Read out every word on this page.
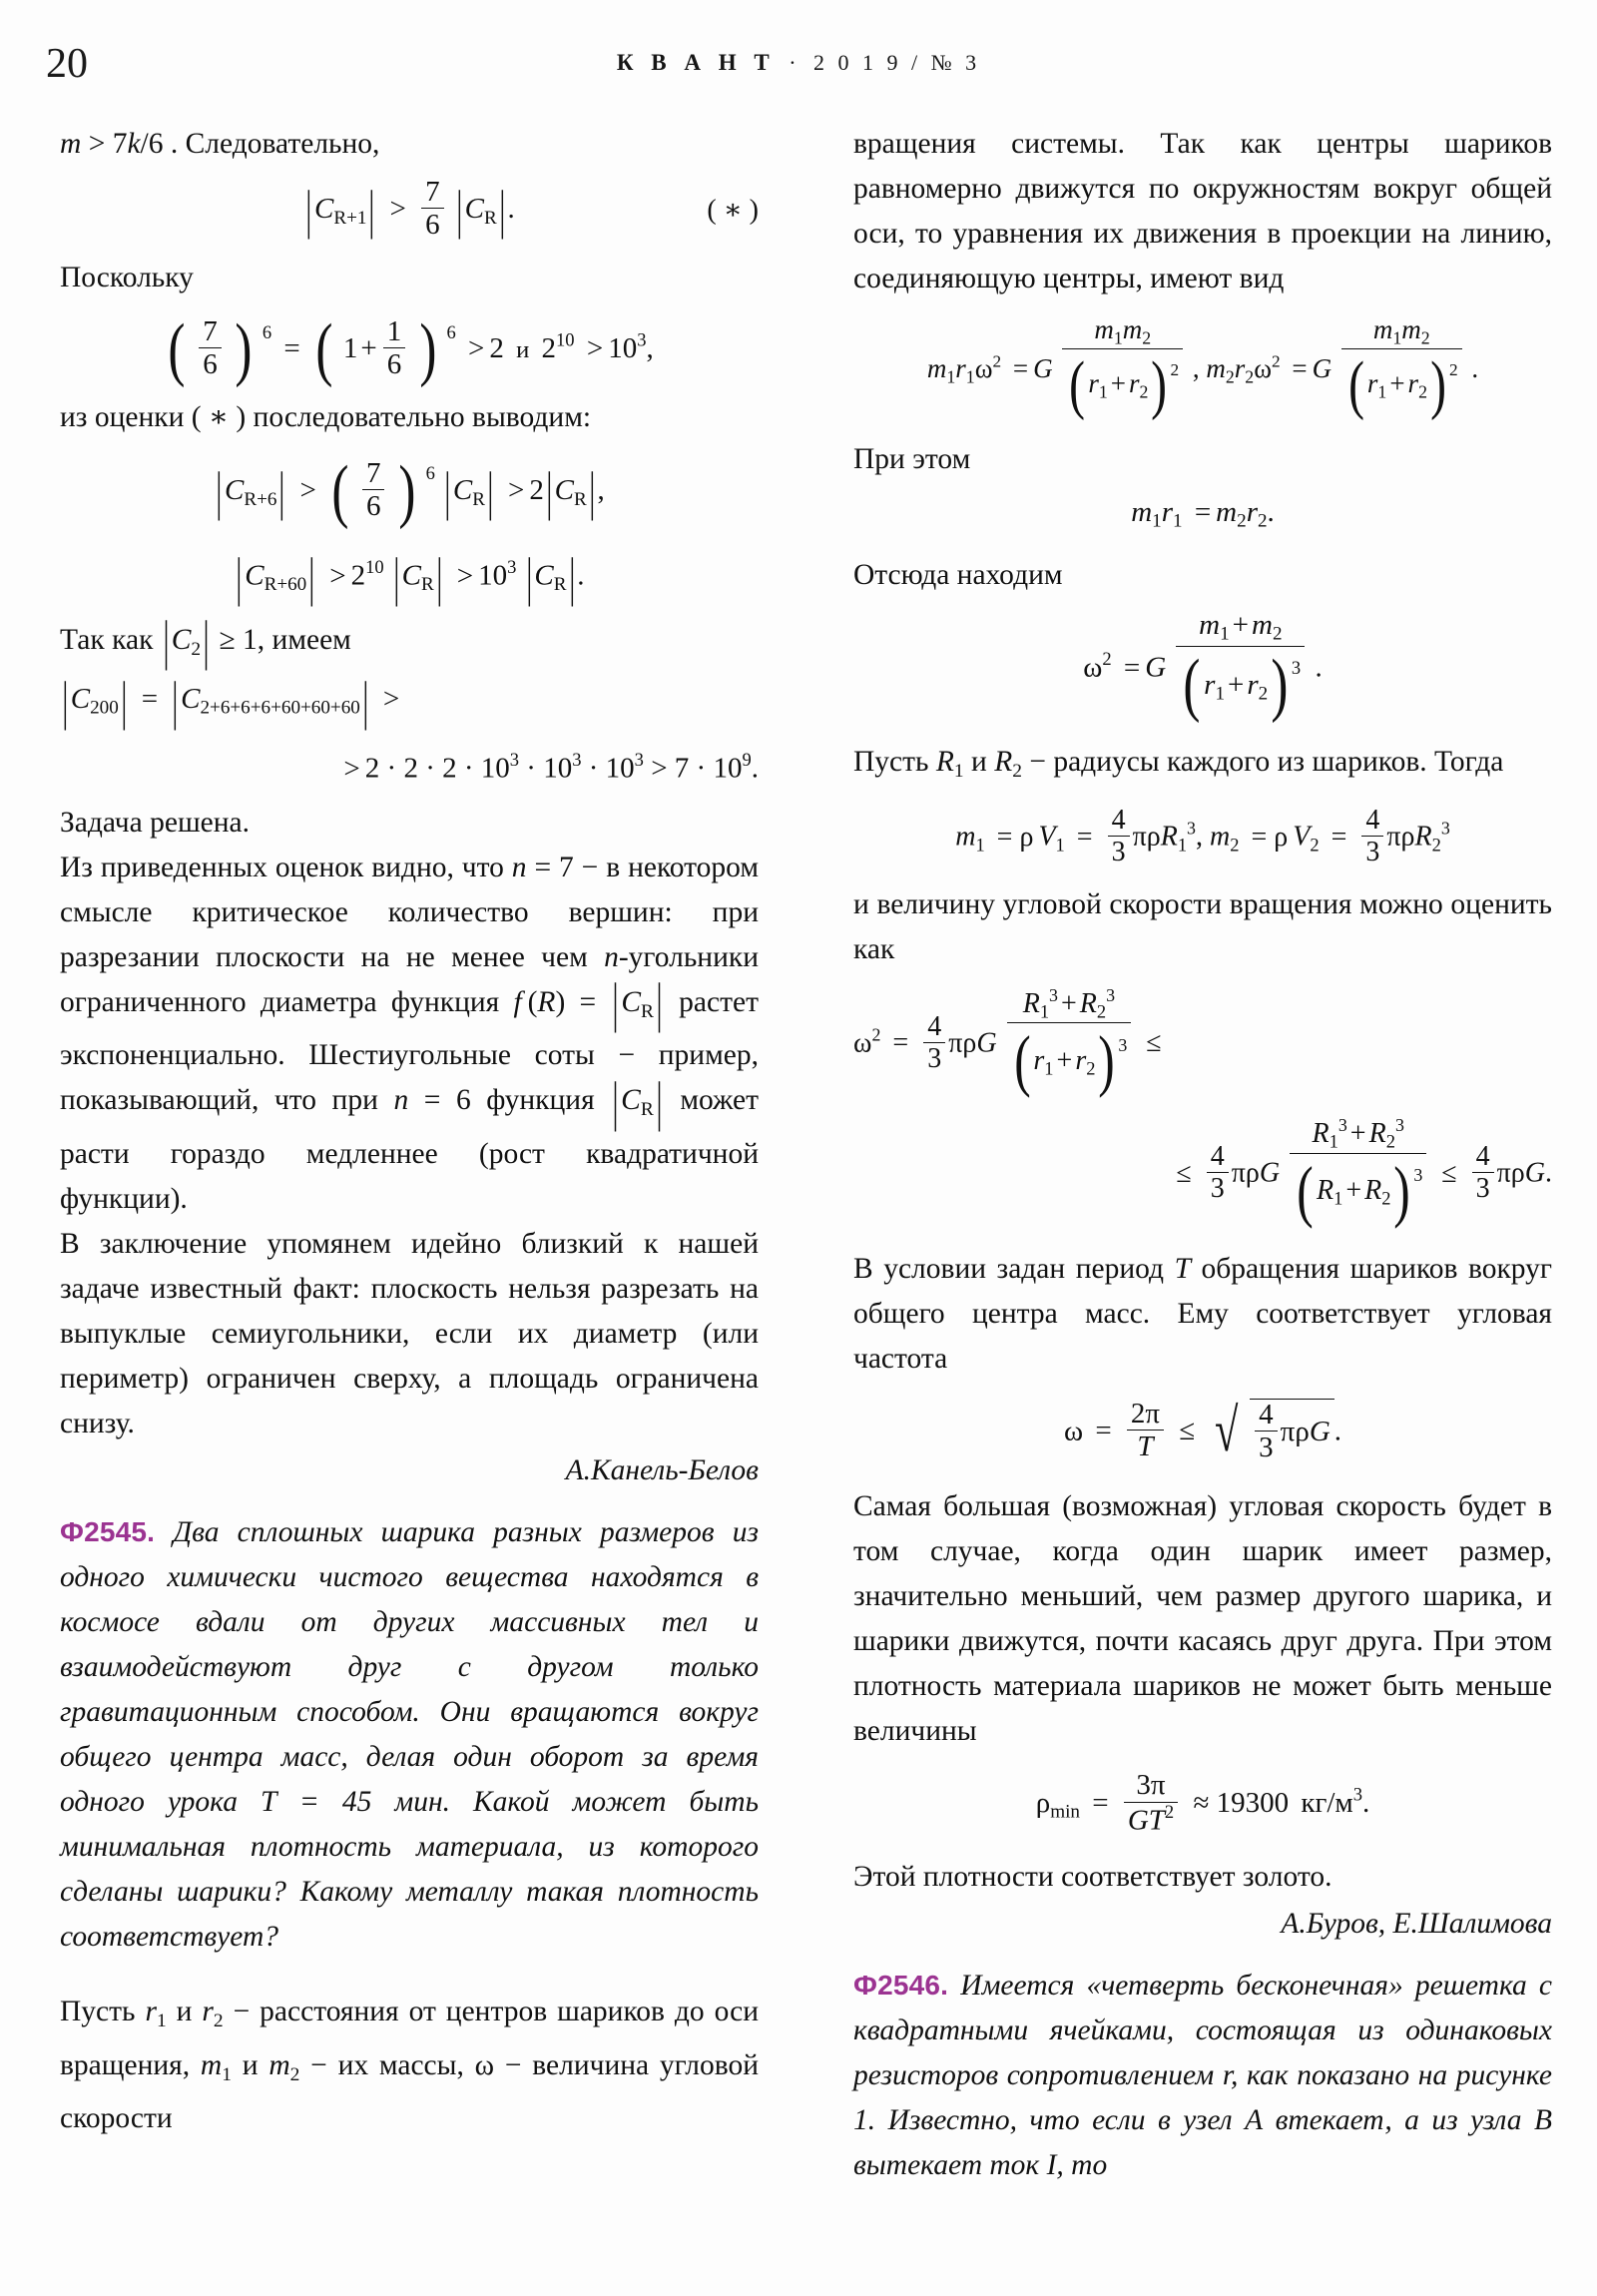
20	К В А Н Т · 2 0 1 9 / № 3

m > 7k/6 . Следовательно,

$|C_{R+1}| > \frac{7}{6} |C_R|$.	( ∗ )

Поскольку

( $\frac{7}{6}$ ) 6 = ( $1 + \frac{1}{6}$ ) 6 > 2 и $2^{10} > 10^3$,

из оценки ( ∗ ) последовательно выводим:

$|C_{R+6}|$ > ( $\frac{7}{6}$ ) 6 $|C_R| > 2|C_R|$,
$|C_{R+60}| > 2^{10}$ $|C_R| > 10^3$ $|C_R|$.

Так как $|C_2| \ge 1$, имеем

$|C_{200}| = |C_{2+6+6+6+60+60+60}|$ >
> $2 \cdot 2 \cdot 2 \cdot 10^3 \cdot 10^3 \cdot 10^3 > 7 \cdot 10^9$.

Задача решена.

Из приведенных оценок видно, что n = 7 − в некотором смысле критическое количество вершин: при разрезании плоскости на не менее чем n-угольники ограниченного диаметра функция f $(R) = |C_R|$ растет экспоненциально. Шестиугольные соты − пример, показывающий, что при n = 6 функция $|C_R|$ может расти гораздо медленнее (рост квадратичной функции).

В заключение упомянем идейно близкий к нашей задаче известный факт: плоскость нельзя разрезать на выпуклые семиугольники, если их диаметр (или периметр) ограничен сверху, а площадь ограничена снизу.

А.Канель-Белов

Ф2545. Два сплошных шарика разных размеров из одного химически чистого вещества находятся в космосе вдали от других массивных тел и взаимодействуют друг с другом только гравитационным способом. Они вращаются вокруг общего центра масс, делая один оборот за время одного урока T = 45 мин. Какой может быть минимальная плотность материала, из которого сделаны шарики? Какому металлу такая плотность соответствует?

Пусть $r_1$ и $r_2$ − расстояния от центров шариков до оси вращения, $m_1$ и $m_2$ − их массы, ω − величина угловой скорости

вращения системы. Так как центры шариков равномерно движутся по окружностям вокруг общей оси, то уравнения их движения в проекции на линию, соединяющую центры, имеют вид

$m_1r_1\omega^2 = G \frac{m_1m_2}{( r_1 + r_2) 2}$ , $m_2r_2\omega^2 = G \frac{m_1m_2}{( r_1 + r_2) 2}$ .

При этом

$m_1r_1 = m_2r_2$.

Отсюда находим

$\omega^2 = G \frac{m_1 + m_2}{( r_1 + r_2) 3}$ .

Пусть $R_1$ и $R_2$ − радиусы каждого из шариков. Тогда

$m_1 = \rho$ $V_1 = \frac{4}{3} \pi\rho R_1^3$, $m_2 = \rho$ $V_2 = \frac{4}{3} \pi\rho R_2^3$

и величину угловой скорости вращения можно оценить как

$\omega^2 = \frac{4}{3}$ πρG $\frac{R_1^3 + R_2^3}{( r_1 + r_2) 3}$ ≤
≤ $\frac{4}{3}$ πρG $\frac{R_1^3 + R_2^3}{( R_1 + R_2) 3} \le \frac{4}{3} \pi\rho G$.

В условии задан период T обращения шариков вокруг общего центра масс. Ему соответствует угловая частота

$\omega = \frac{2\pi}{T}$ ≤ √ $\frac{4}{3}$ πρG .

Самая большая (возможная) угловая скорость будет в том случае, когда один шарик имеет размер, значительно меньший, чем размер другого шарика, и шарики движутся, почти касаясь друг друга. При этом плотность материала шариков не может быть меньше величины

$\rho_{min} = \frac{3\pi}{GT^2} \approx 19300$ $кг/м^3$.

Этой плотности соответствует золото.

А.Буров, Е.Шалимова

Ф2546. Имеется «четверть бесконечная» решетка с квадратными ячейками, состоящая из одинаковых резисторов сопротивлением r, как показано на рисунке 1. Известно, что если в узел А втекает, а из узла В вытекает ток I, то
